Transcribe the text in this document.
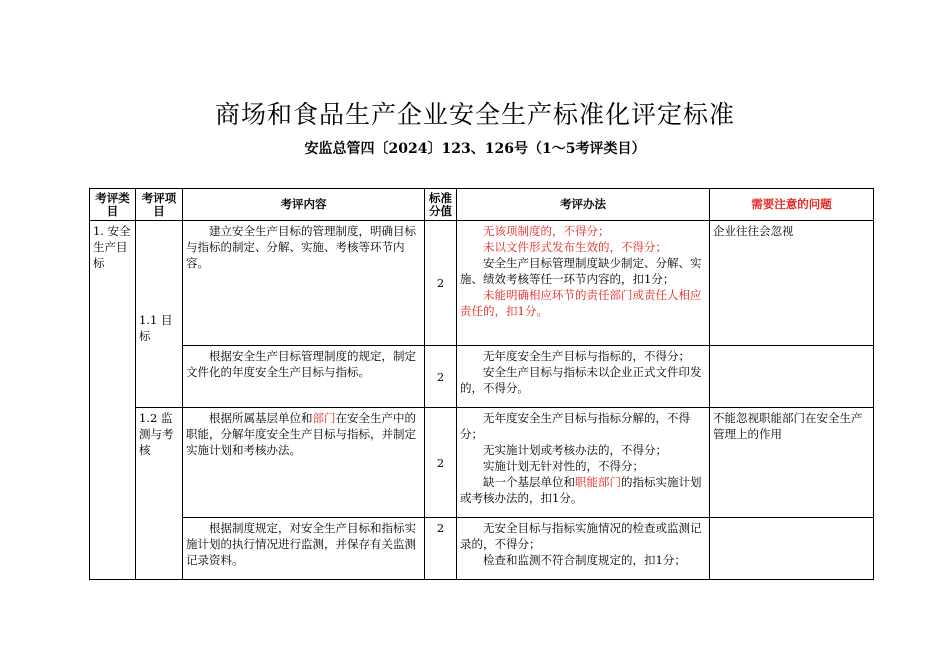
商场和食品生产企业安全生产标准化评定标准
安监总管四〔2024〕123、126号（1～5考评类目）
考评类目	考评项目	考评内容	标准分值	考评办法	需要注意的问题
1. 安全生产目标	1.1 目标	建立安全生产目标的管理制度，明确目标与指标的制定、分解、实施、考核等环节内容。	2	无该项制度的，不得分；

未以文件形式发布生效的，不得分；

安全生产目标管理制度缺少制定、分解、实施、绩效考核等任一环节内容的，扣1分；

未能明确相应环节的责任部门或责任人相应责任的，扣1分。	企业往往会忽视

		根据安全生产目标管理制度的规定，制定文件化的年度安全生产目标与指标。	2	无年度安全生产目标与指标的，不得分；

安全生产目标与指标未以企业正式文件印发的，不得分。	

	1.2 监测与考核	根据所属基层单位和部门在安全生产中的职能，分解年度安全生产目标与指标，并制定实施计划和考核办法。	2	无年度安全生产目标与指标分解的，不得分；

无实施计划或考核办法的，不得分；

实施计划无针对性的，不得分；

缺一个基层单位和职能部门的指标实施计划或考核办法的，扣1分。	不能忽视职能部门在安全生产管理上的作用

		根据制度规定，对安全生产目标和指标实施计划的执行情况进行监测，并保存有关监测记录资料。	2	无安全目标与指标实施情况的检查或监测记录的，不得分；

检查和监测不符合制度规定的，扣1分；	
